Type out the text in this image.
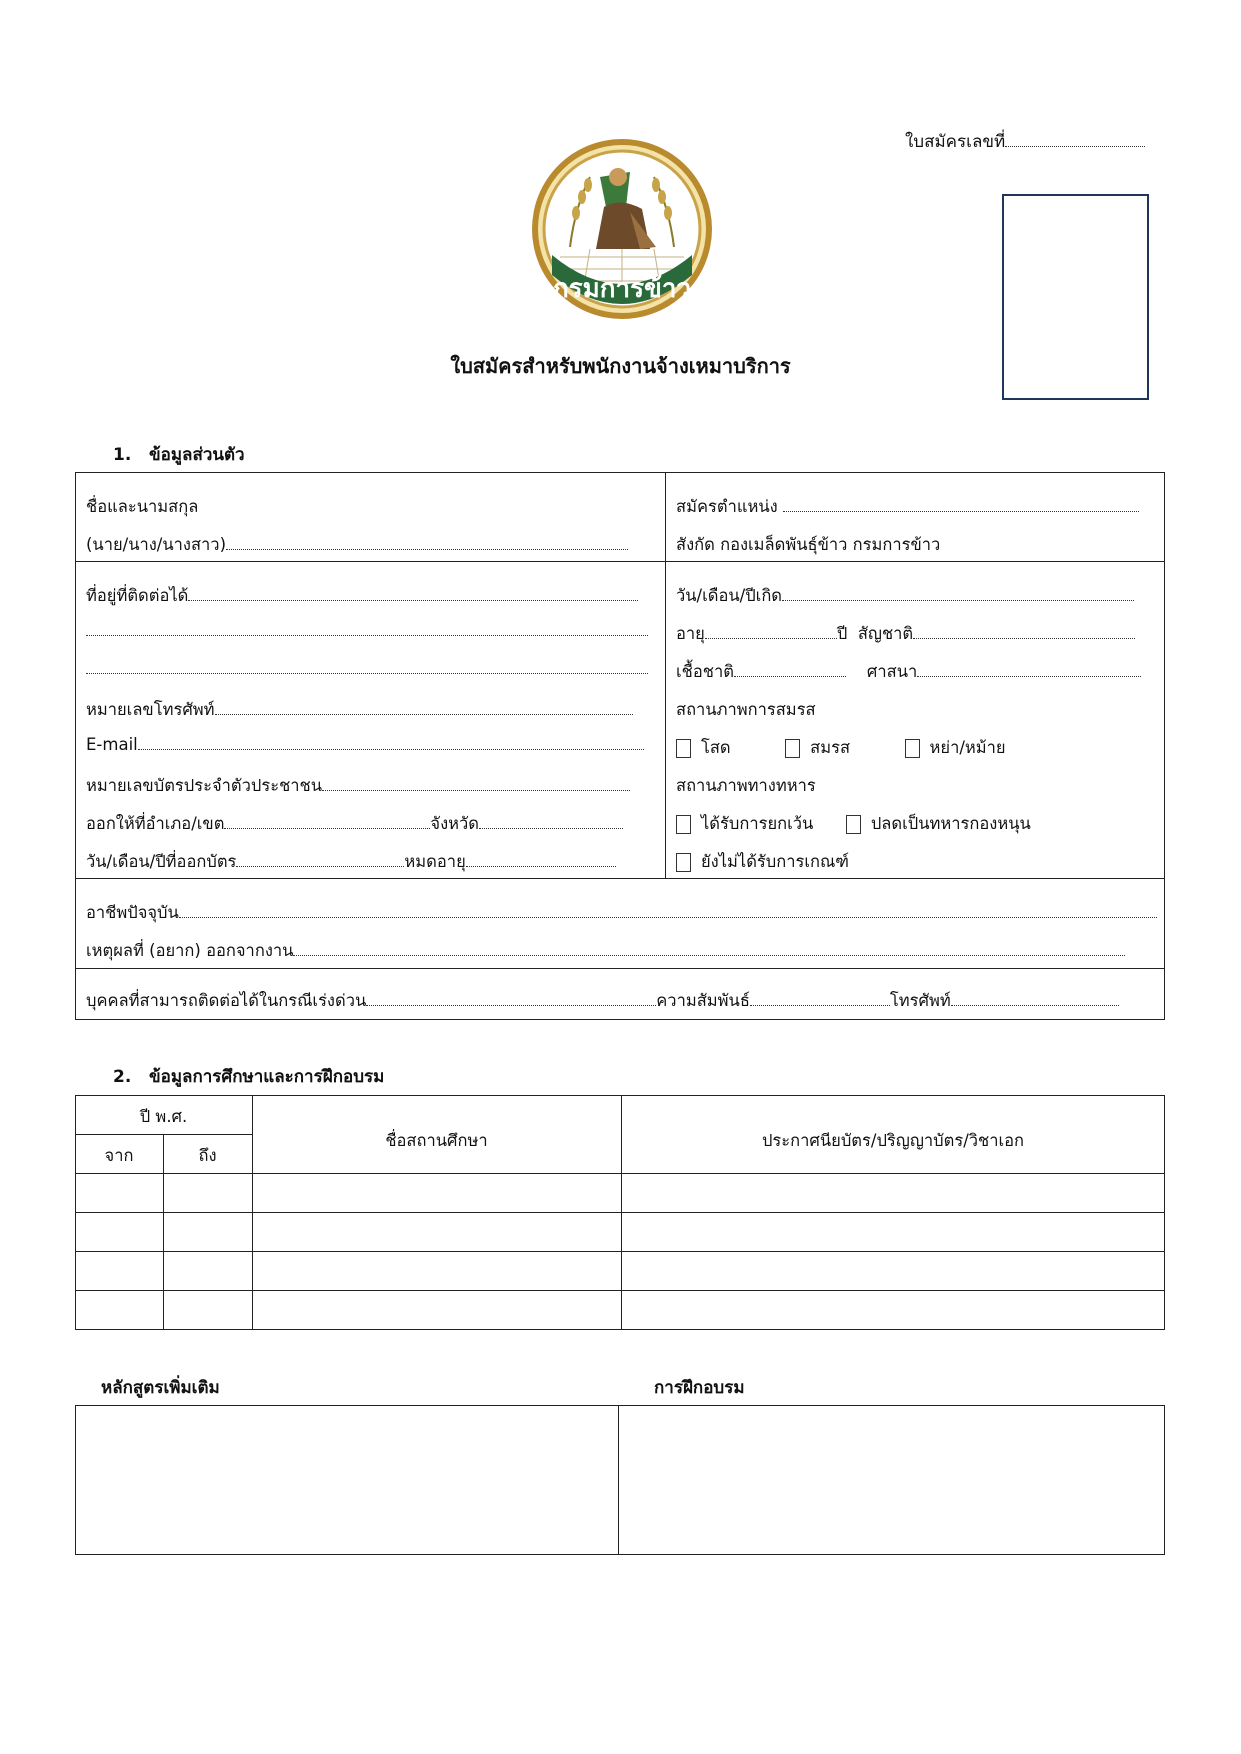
ใบสมัครเลขที่
กรมการข้าว
ใบสมัครสำหรับพนักงานจ้างเหมาบริการ
1. ข้อมูลส่วนตัว
ชื่อและนามสกุล
(นาย/นาง/นางสาว)
สมัครตำแหน่ง
สังกัด กองเมล็ดพันธุ์ข้าว กรมการข้าว
ที่อยู่ที่ติดต่อได้
หมายเลขโทรศัพท์
E-mail
หมายเลขบัตรประจำตัวประชาชน
ออกให้ที่อำเภอ/เขต	จังหวัด
วัน/เดือน/ปีที่ออกบัตร	หมดอายุ
วัน/เดือน/ปีเกิด
อายุ	ปี สัญชาติ
เชื้อชาติ	ศาสนา
สถานภาพการสมรส
โสด	สมรส	หย่า/หม้าย
สถานภาพทางทหาร
ได้รับการยกเว้น	ปลดเป็นทหารกองหนุน
ยังไม่ได้รับการเกณฑ์
อาชีพปัจจุบัน
เหตุผลที่ (อยาก) ออกจากงาน
บุคคลที่สามารถติดต่อได้ในกรณีเร่งด่วน	ความสัมพันธ์	โทรศัพท์
2. ข้อมูลการศึกษาและการฝึกอบรม
ปี พ.ศ.
จาก	ถึง
ชื่อสถานศึกษา	ประกาศนียบัตร/ปริญญาบัตร/วิชาเอก
หลักสูตรเพิ่มเติม	การฝึกอบรม
